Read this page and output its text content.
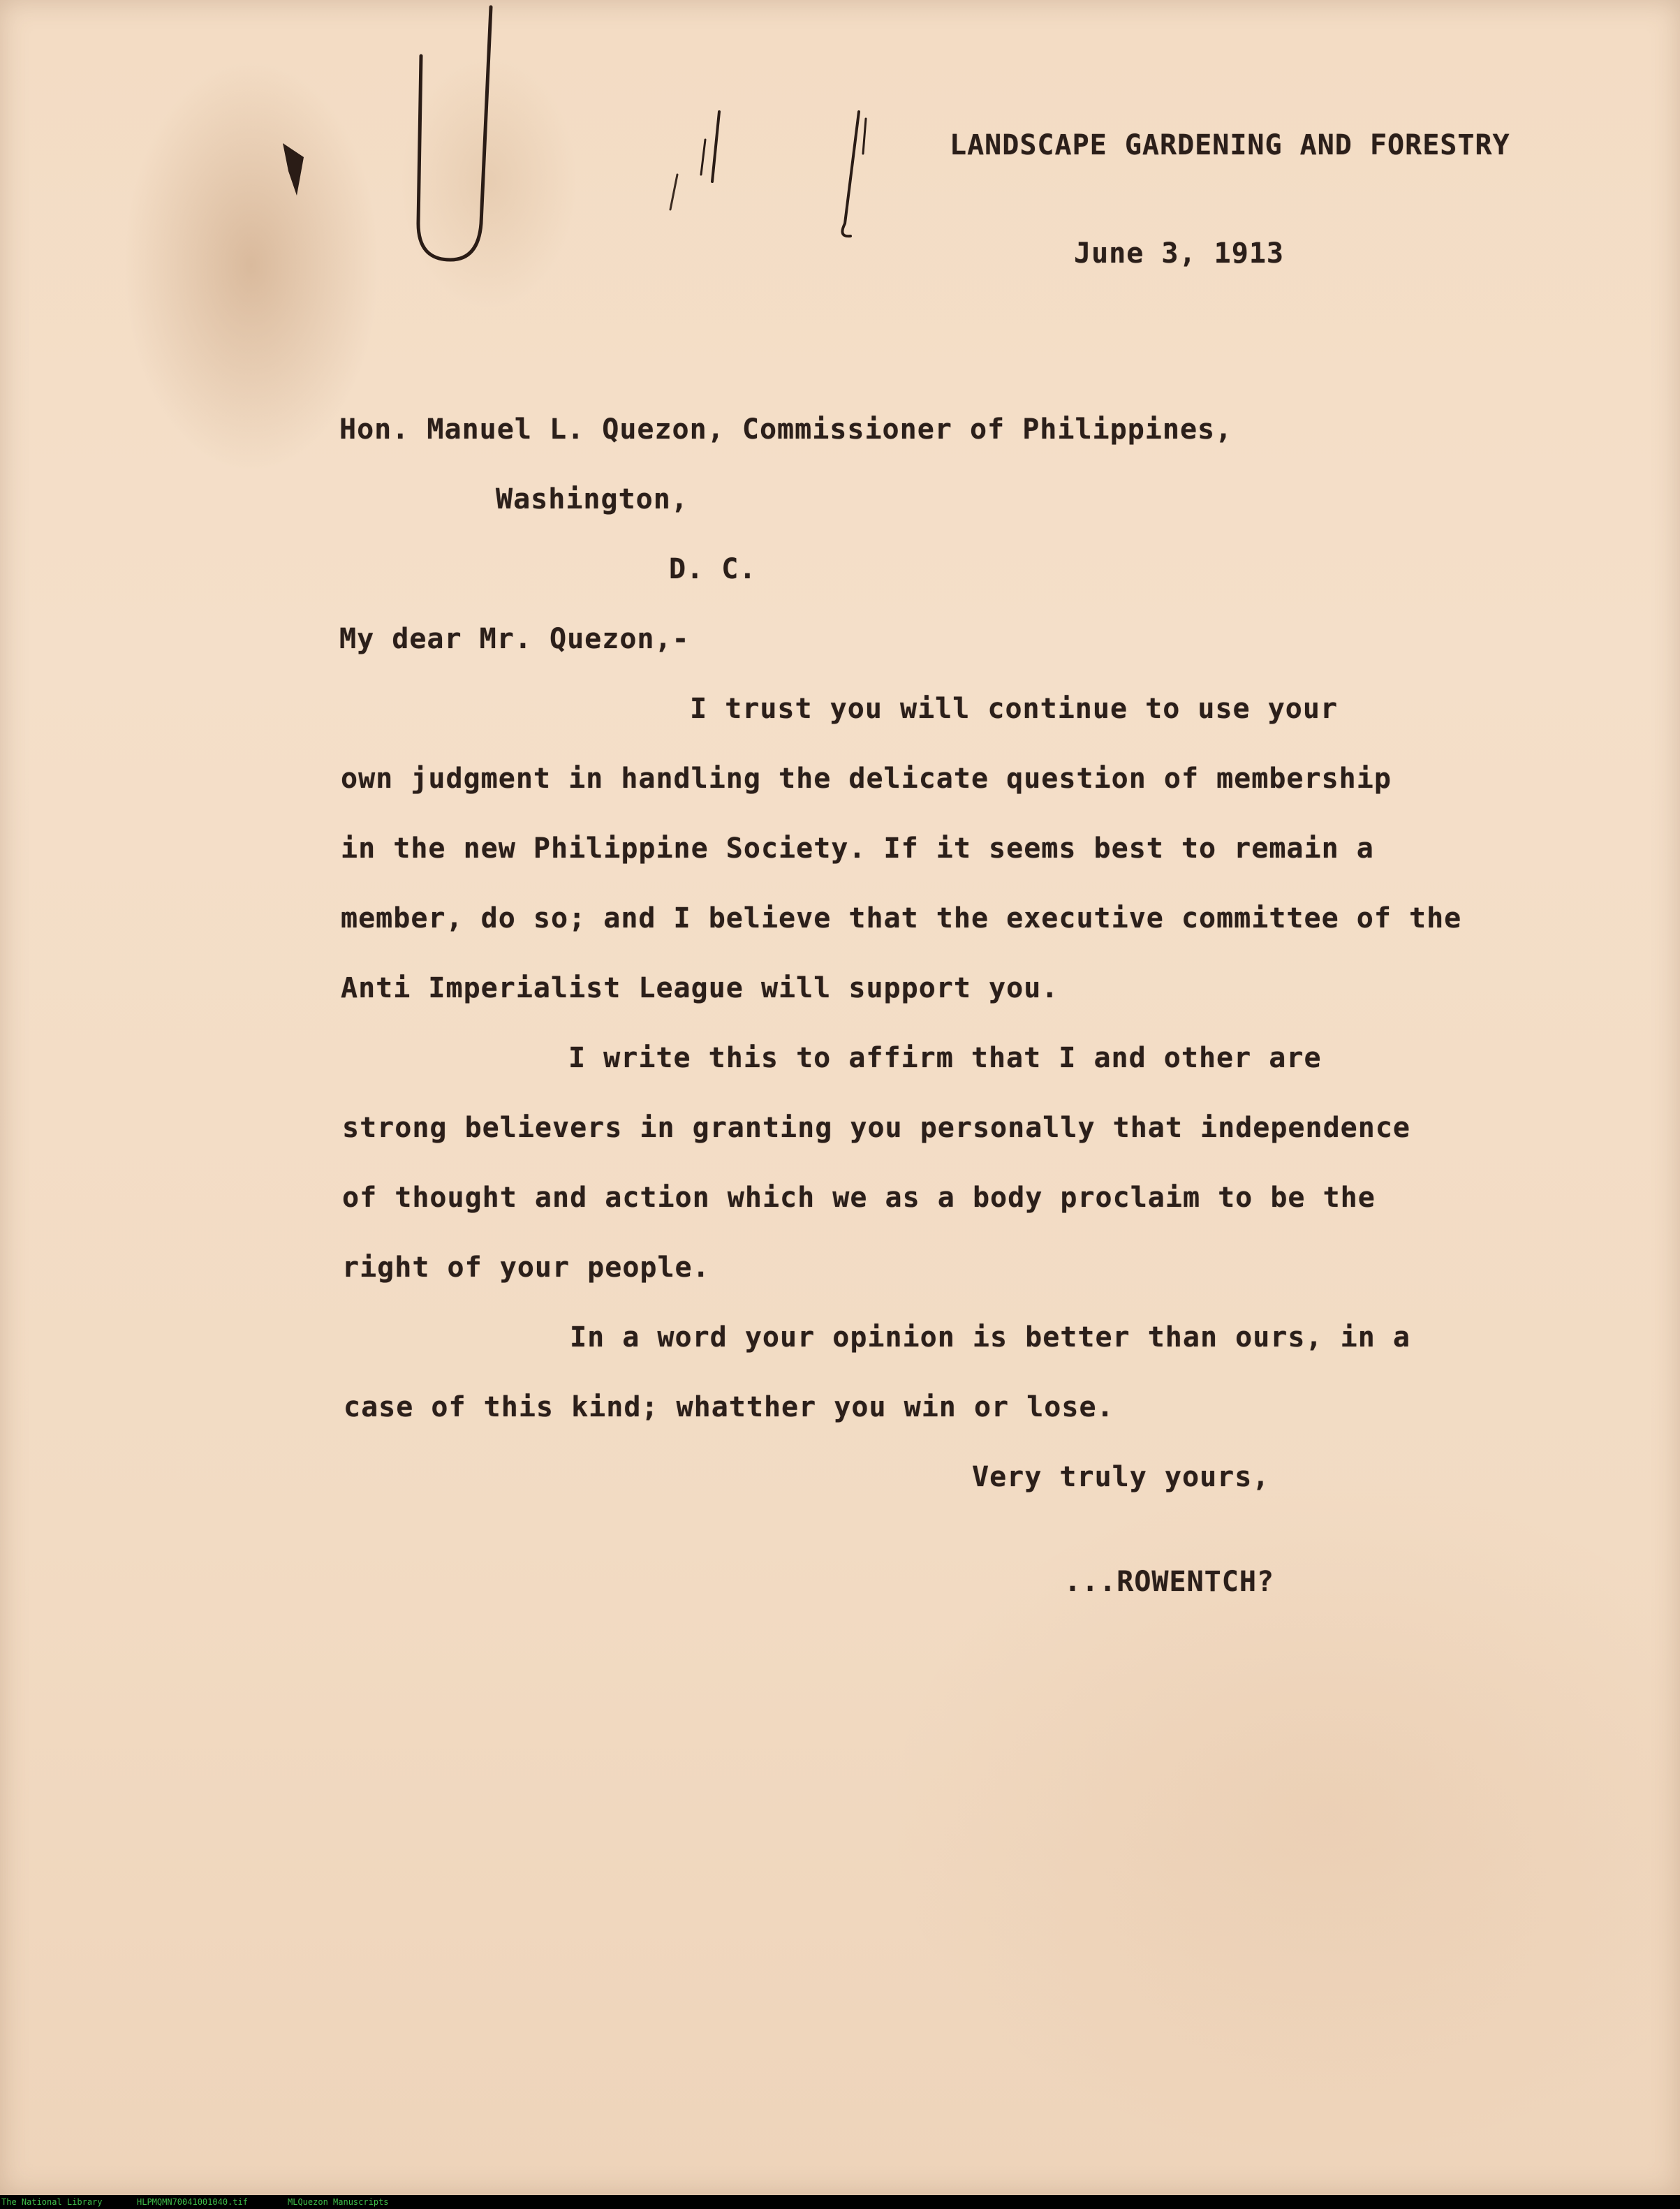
LANDSCAPE GARDENING AND FORESTRY
June 3, 1913
Hon. Manuel L. Quezon, Commissioner of Philippines,
Washington,
D. C.
My dear Mr. Quezon,-
I trust you will continue to use your
own judgment in handling the delicate question of membership
in the new Philippine Society. If it seems best to remain a
member, do so; and I believe that the executive committee of the
Anti Imperialist League will support you.
I write this to affirm that I and other are
strong believers in granting you personally that independence
of thought and action which we as a body proclaim to be the
right of your people.
In a word your opinion is better than ours, in a
case of this kind; whatther you win or lose.
Very truly yours,
...ROWENTCH?
The National Library	HLPMQMN70041001040.tif	MLQuezon Manuscripts
